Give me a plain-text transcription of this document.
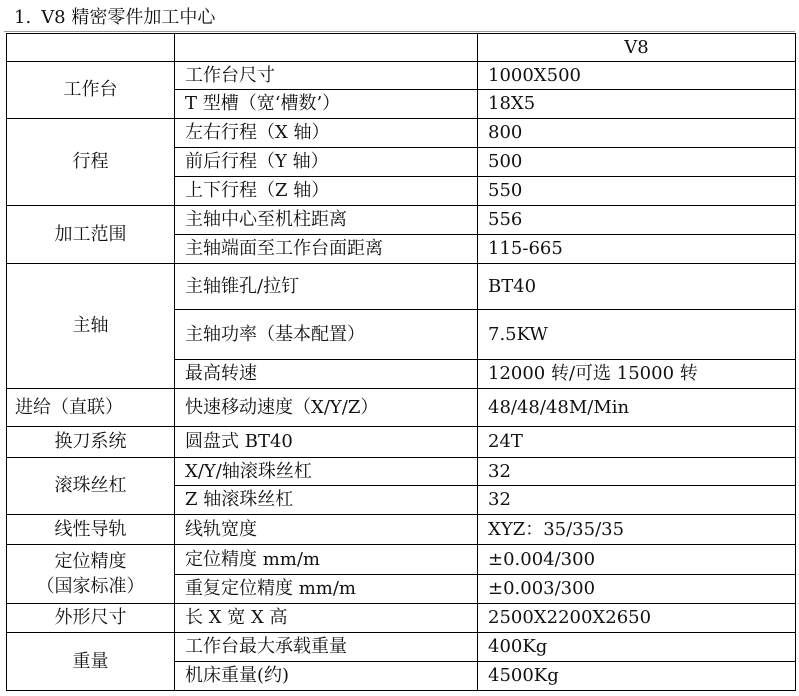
1. V8 精密零件加工中心
		V8
工作台	工作台尺寸	1000X500
	T 型槽（宽‘槽数’）	18X5
行程	左右行程（X 轴）	800
	前后行程（Y 轴）	500
	上下行程（Z 轴）	550
加工范围	主轴中心至机柱距离	556
	主轴端面至工作台面距离	115-665
主轴	主轴锥孔/拉钉	BT40
	主轴功率（基本配置）	7.5KW
	最高转速	12000 转/可选 15000 转
进给（直联）	快速移动速度（X/Y/Z）	48/48/48M/Min
换刀系统	圆盘式 BT40	24T
滚珠丝杠	X/Y/轴滚珠丝杠	32
	Z 轴滚珠丝杠	32
线性导轨	线轨宽度	XYZ：35/35/35

定位精度
（国家标准）	定位精度 mm/m	±0.004/300
	重复定位精度 mm/m	±0.003/300
外形尺寸	长 X 宽 X 高	2500X2200X2650
重量	工作台最大承载重量	400Kg
	机床重量(约)	4500Kg
